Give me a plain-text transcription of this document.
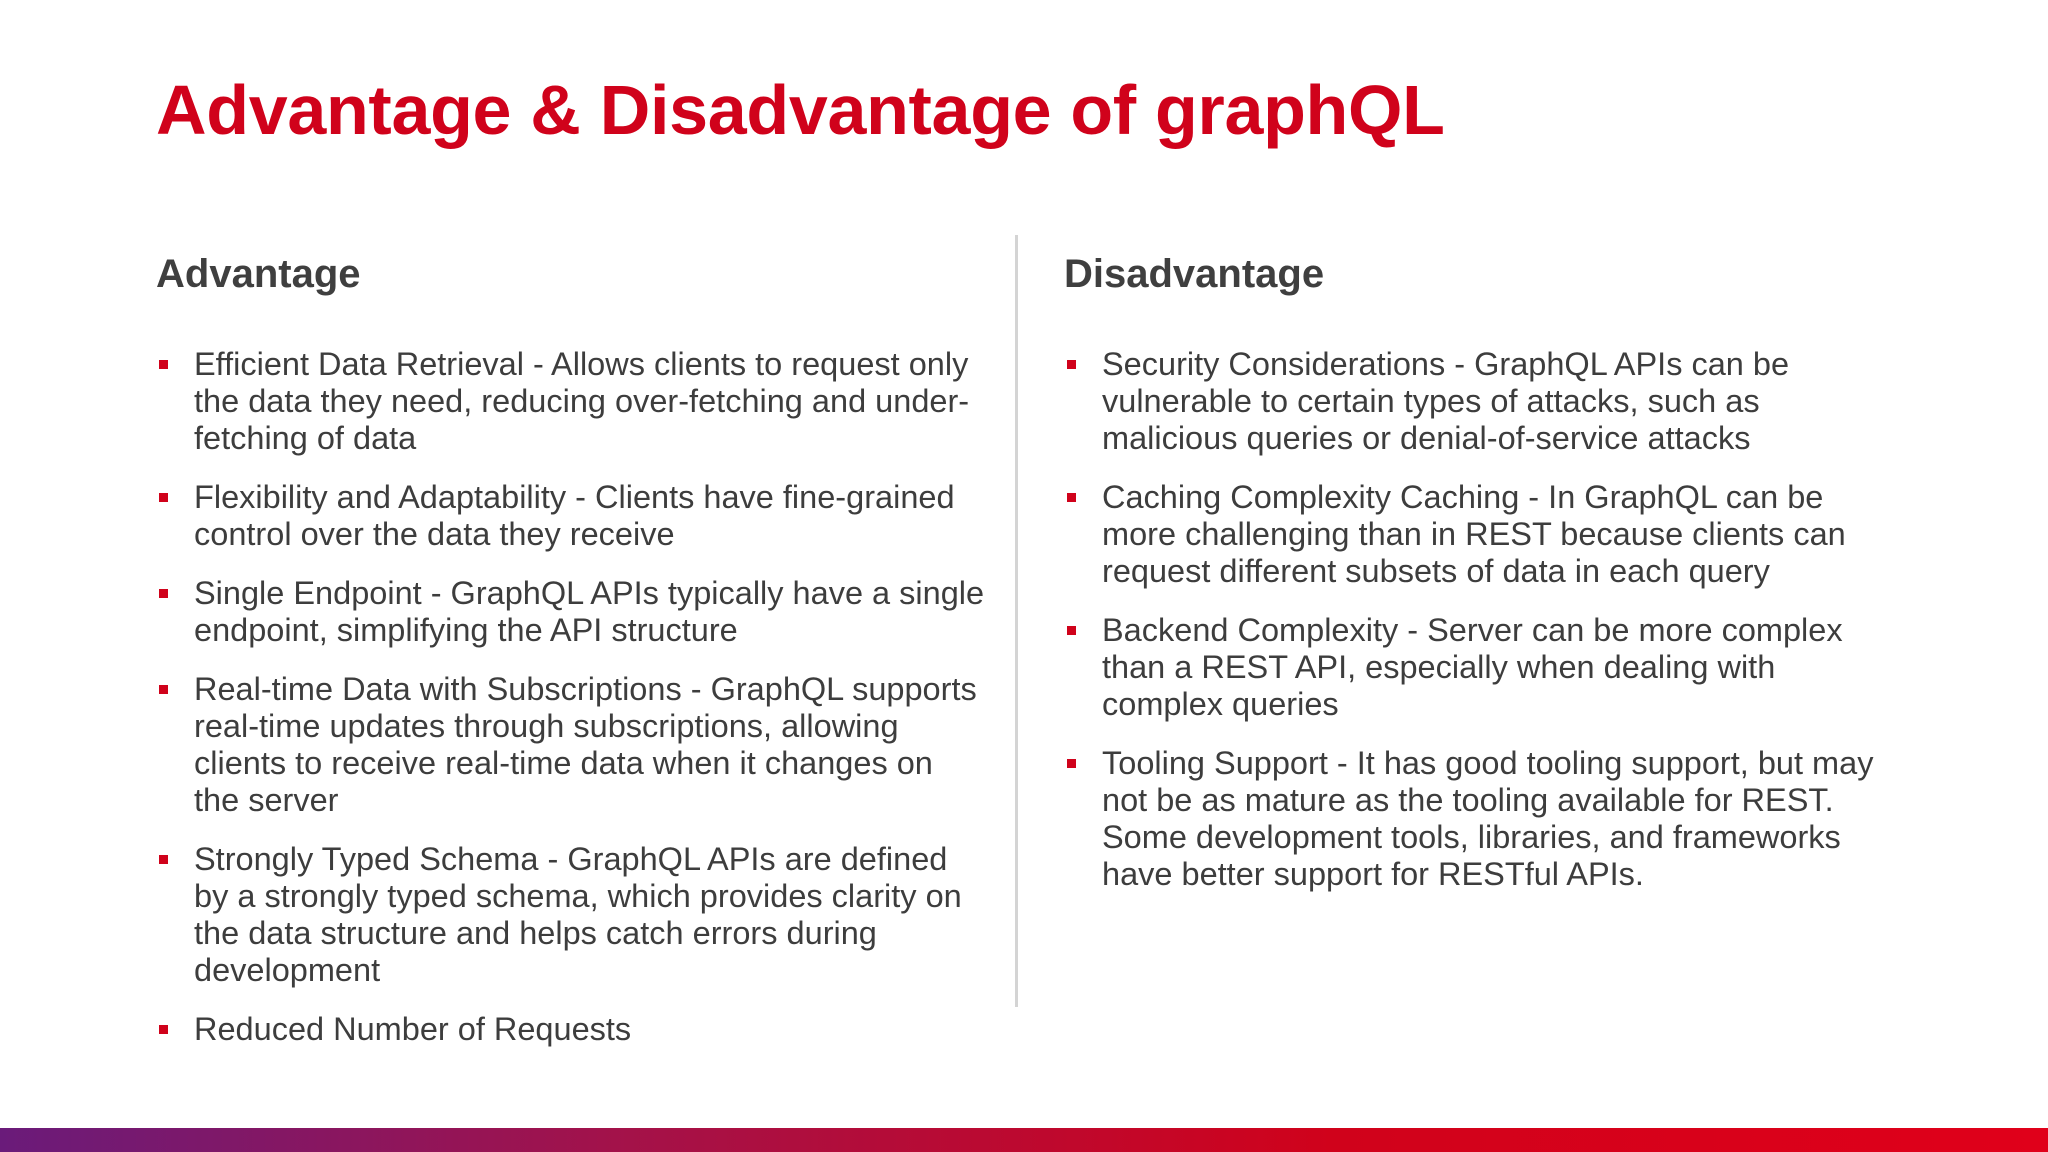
Advantage & Disadvantage of graphQL
Advantage
Efficient Data Retrieval - Allows clients to request only the data they need, reducing over-fetching and under-fetching of data
Flexibility and Adaptability - Clients have fine-grained control over the data they receive
Single Endpoint - GraphQL APIs typically have a single endpoint, simplifying the API structure
Real-time Data with Subscriptions - GraphQL supports real-time updates through subscriptions, allowing clients to receive real-time data when it changes on the server
Strongly Typed Schema - GraphQL APIs are defined by a strongly typed schema, which provides clarity on the data structure and helps catch errors during development
Reduced Number of Requests
Disadvantage
Security Considerations - GraphQL APIs can be vulnerable to certain types of attacks, such as malicious queries or denial-of-service attacks
Caching Complexity Caching - In GraphQL can be more challenging than in REST because clients can request different subsets of data in each query
Backend Complexity - Server can be more complex than a REST API, especially when dealing with complex queries
Tooling Support - It has good tooling support, but may not be as mature as the tooling available for REST. Some development tools, libraries, and frameworks have better support for RESTful APIs.
